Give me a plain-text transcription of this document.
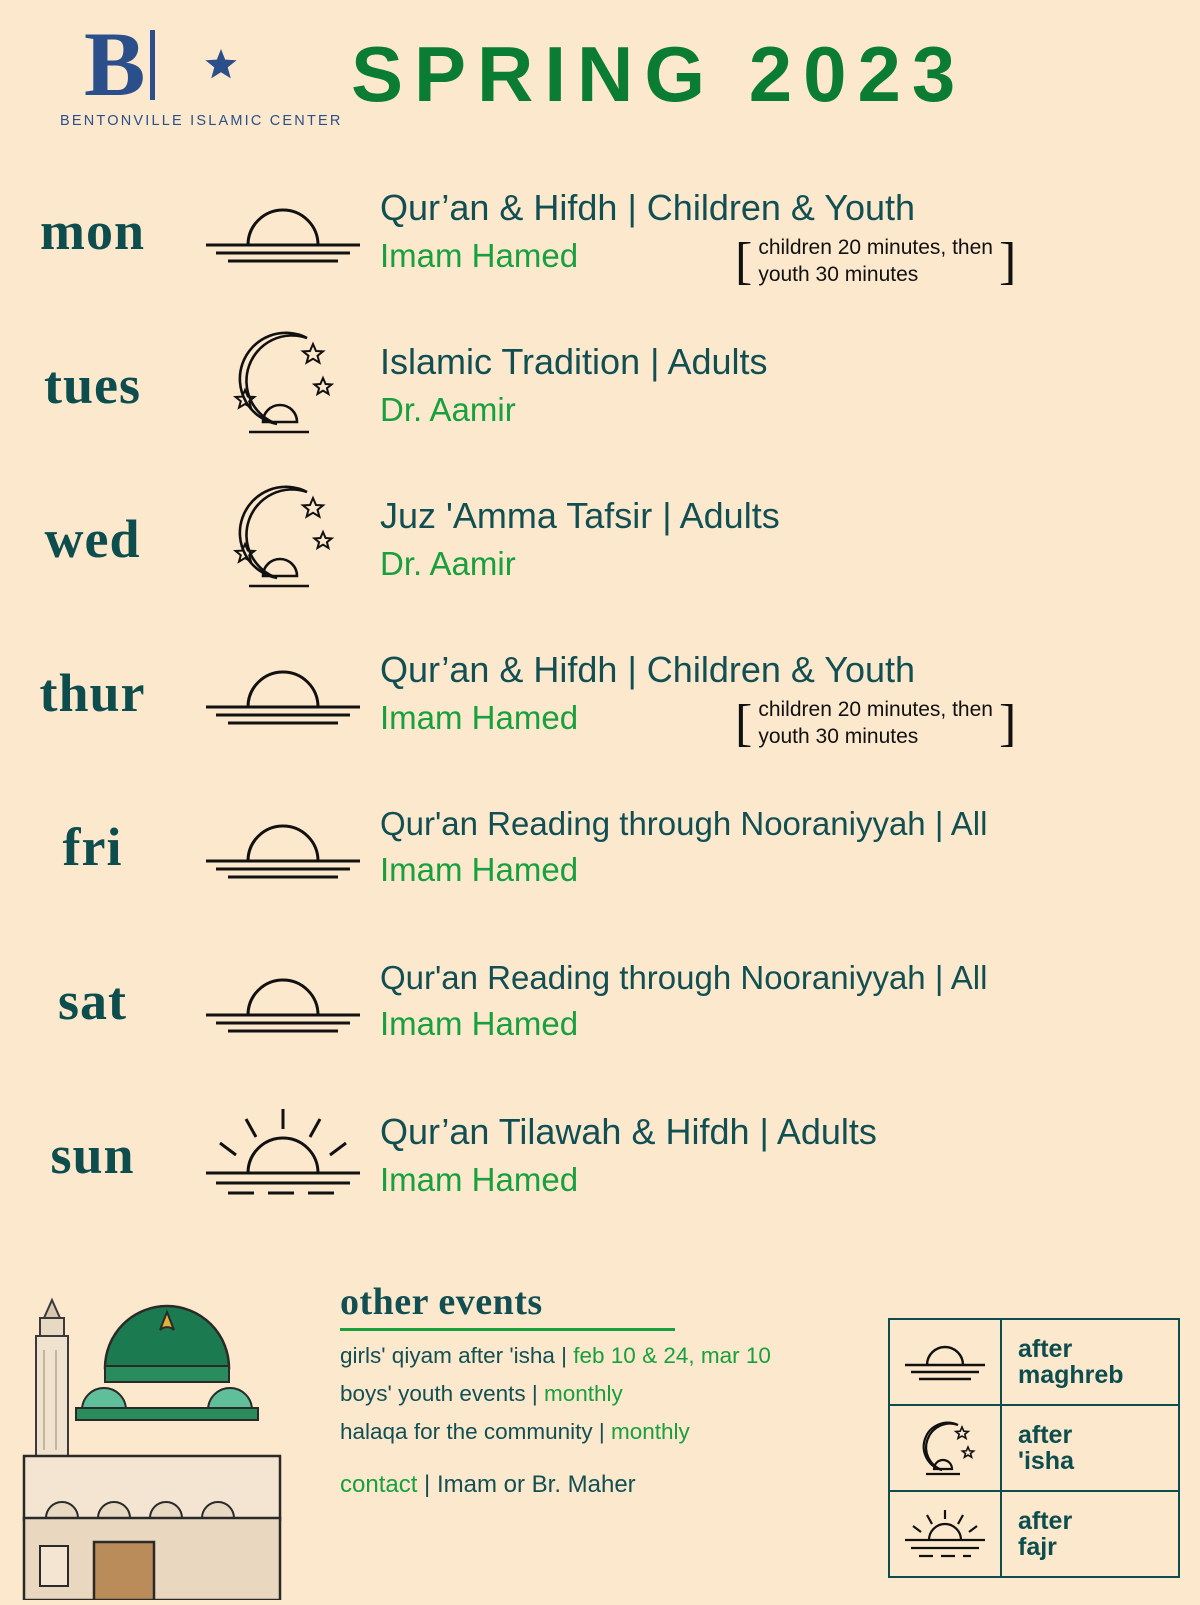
B
BENTONVILLE ISLAMIC CENTER
SPRING 2023
mon	Qur’an & Hifdh | Children & Youth
Imam Hamed	[ children 20 minutes, then
youth 30 minutes	]
tues	Islamic Tradition | Adults
Dr. Aamir
wed	Juz 'Amma Tafsir | Adults
Dr. Aamir
thur	Qur’an & Hifdh | Children & Youth
Imam Hamed	[ children 20 minutes, then
youth 30 minutes	]
fri	Qur'an Reading through Nooraniyyah | All
Imam Hamed
sat	Qur'an Reading through Nooraniyyah | All
Imam Hamed
sun	Qur’an Tilawah & Hifdh | Adults
Imam Hamed
other events
girls' qiyam after 'isha | feb 10 & 24, mar 10
boys' youth events | monthly
halaqa for the community | monthly
contact | Imam or Br. Maher
after
maghreb
after
'isha
after
fajr
